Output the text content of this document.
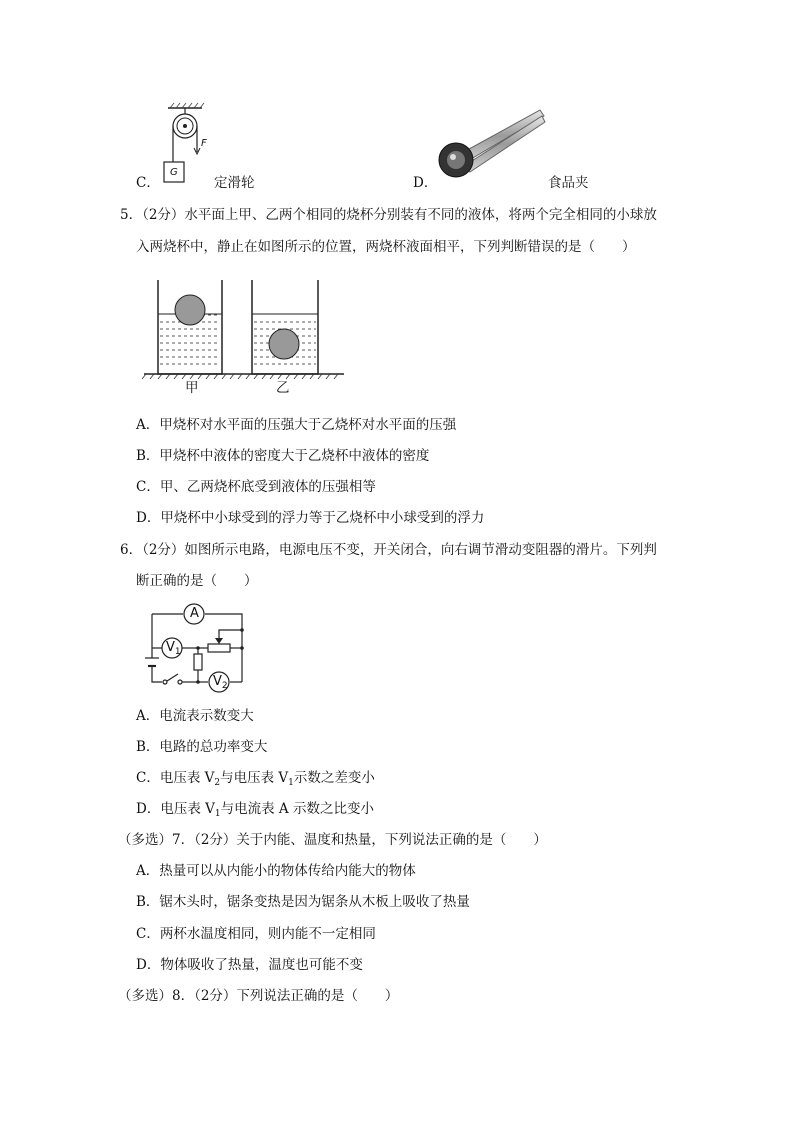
F
G
C．	定滑轮	D．	食品夹
5．（2分）水平面上甲、乙两个相同的烧杯分别装有不同的液体，将两个完全相同的小球放
入两烧杯中，静止在如图所示的位置，两烧杯液面相平，下列判断错误的是（　　）
甲	乙
A．甲烧杯对水平面的压强大于乙烧杯对水平面的压强
B．甲烧杯中液体的密度大于乙烧杯中液体的密度
C．甲、乙两烧杯底受到液体的压强相等
D．甲烧杯中小球受到的浮力等于乙烧杯中小球受到的浮力
6．（2分）如图所示电路，电源电压不变，开关闭合，向右调节滑动变阻器的滑片。下列判
断正确的是（　　）
A
$V_1$
$V_2$
A．电流表示数变大
B．电路的总功率变大
C．电压表 $V_2$与电压表 $V_1$示数之差变小
D．电压表 $V_1$与电流表 A 示数之比变小
（多选）7．（2分）关于内能、温度和热量，下列说法正确的是（　　）
A．热量可以从内能小的物体传给内能大的物体
B．锯木头时，锯条变热是因为锯条从木板上吸收了热量
C．两杯水温度相同，则内能不一定相同
D．物体吸收了热量，温度也可能不变
（多选）8．（2分）下列说法正确的是（　　）
